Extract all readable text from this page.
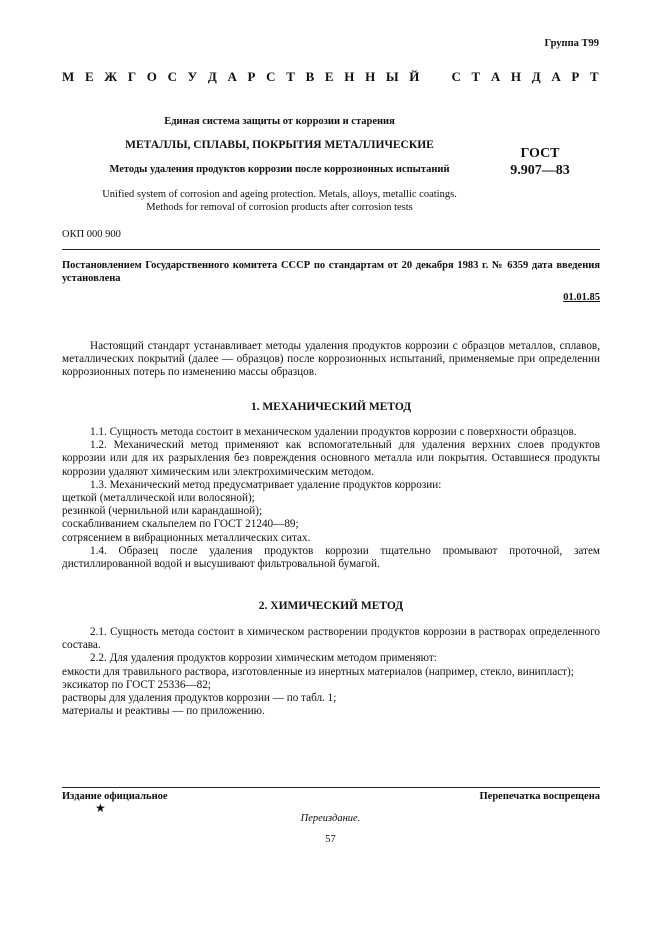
Группа Т99
М Е Ж Г О С У Д А Р С Т В Е Н Н Ы Й С Т А Н Д А Р Т
Единая система защиты от коррозии и старения
МЕТАЛЛЫ, СПЛАВЫ, ПОКРЫТИЯ МЕТАЛЛИЧЕСКИЕ
Методы удаления продуктов коррозии после коррозионных испытаний
ГОСТ
9.907—83
Unified system of corrosion and ageing protection. Metals, alloys, metallic coatings.
Methods for removal of corrosion products after corrosion tests
ОКП 000 900
Постановлением Государственного комитета СССР по стандартам от 20 декабря 1983 г. № 6359 дата введения установлена
01.01.85

Настоящий стандарт устанавливает методы удаления продуктов коррозии с образцов металлов, сплавов, металлических покрытий (далее — образцов) после коррозионных испытаний, применяемые при определении коррозионных потерь по изменению массы образцов.

1. МЕХАНИЧЕСКИЙ МЕТОД

1.1. Сущность метода состоит в механическом удалении продуктов коррозии с поверхности образцов.

1.2. Механический метод применяют как вспомогательный для удаления верхних слоев продуктов коррозии или для их разрыхления без повреждения основного металла или покрытия. Оставшиеся продукты коррозии удаляют химическим или электрохимическим методом.

1.3. Механический метод предусматривает удаление продуктов коррозии:

щеткой (металлической или волосяной);

резинкой (чернильной или карандашной);

соскабливанием скальпелем по ГОСТ 21240—89;

сотрясением в вибрационных металлических ситах.

1.4. Образец после удаления продуктов коррозии тщательно промывают проточной, затем дистиллированной водой и высушивают фильтровальной бумагой.

2. ХИМИЧЕСКИЙ МЕТОД

2.1. Сущность метода состоит в химическом растворении продуктов коррозии в растворах определенного состава.

2.2. Для удаления продуктов коррозии химическим методом применяют:

емкости для травильного раствора, изготовленные из инертных материалов (например, стекло, винипласт);

эксикатор по ГОСТ 25336—82;

растворы для удаления продуктов коррозии — по табл. 1;

материалы и реактивы — по приложению.

Издание официальное
★
Перепечатка воспрещена
Переиздание.
57
